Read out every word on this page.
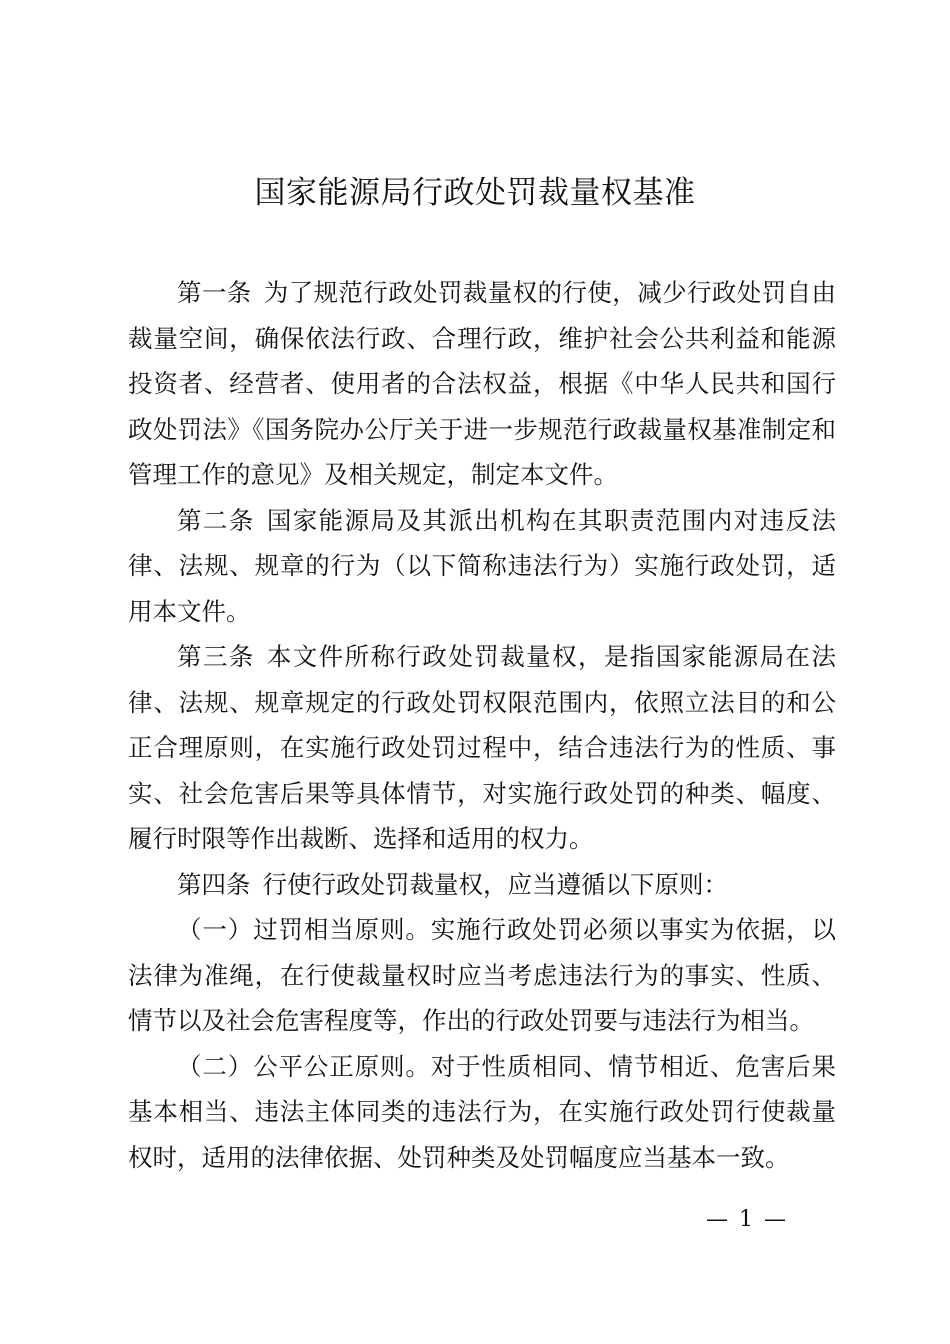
国家能源局行政处罚裁量权基准

第一条 为了规范行政处罚裁量权的行使，减少行政处罚自由裁量空间，确保依法行政、合理行政，维护社会公共利益和能源投资者、经营者、使用者的合法权益，根据《中华人民共和国行政处罚法》《国务院办公厅关于进一步规范行政裁量权基准制定和管理工作的意见》及相关规定，制定本文件。

第二条 国家能源局及其派出机构在其职责范围内对违反法律、法规、规章的行为（以下简称违法行为）实施行政处罚，适用本文件。

第三条 本文件所称行政处罚裁量权，是指国家能源局在法律、法规、规章规定的行政处罚权限范围内，依照立法目的和公正合理原则，在实施行政处罚过程中，结合违法行为的性质、事实、社会危害后果等具体情节，对实施行政处罚的种类、幅度、履行时限等作出裁断、选择和适用的权力。

第四条 行使行政处罚裁量权，应当遵循以下原则：

（一）过罚相当原则。实施行政处罚必须以事实为依据，以法律为准绳，在行使裁量权时应当考虑违法行为的事实、性质、情节以及社会危害程度等，作出的行政处罚要与违法行为相当。

（二）公平公正原则。对于性质相同、情节相近、危害后果基本相当、违法主体同类的违法行为，在实施行政处罚行使裁量权时，适用的法律依据、处罚种类及处罚幅度应当基本一致。

— 1 —
